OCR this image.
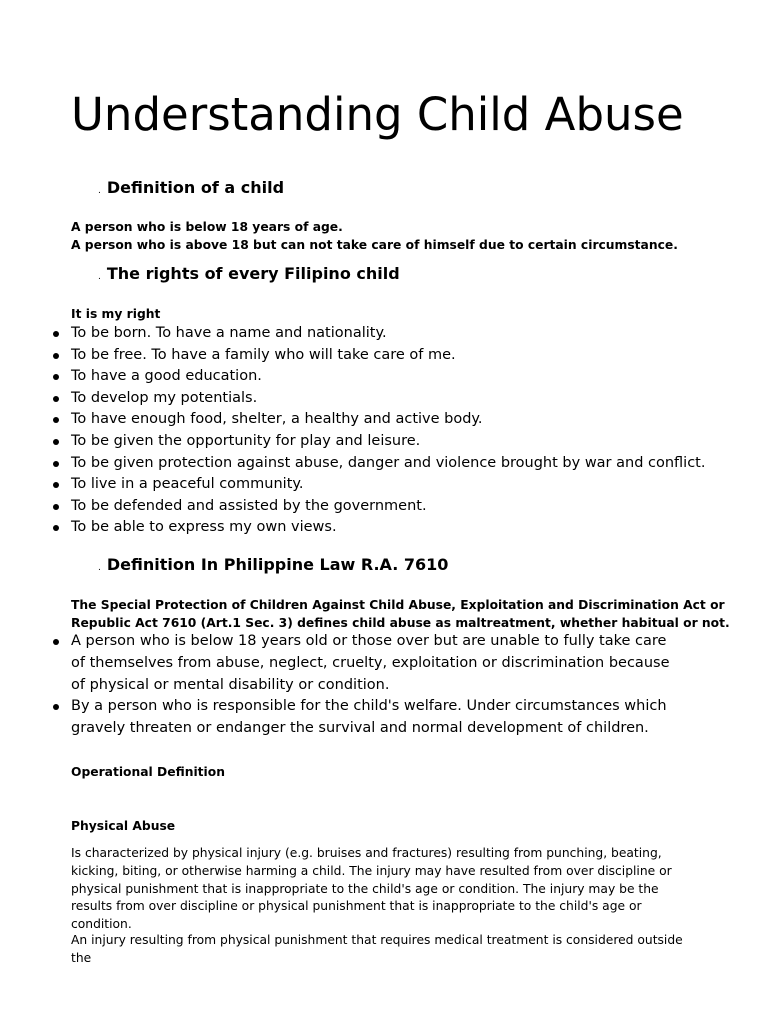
Understanding Child Abuse
. Definition of a child

A person who is below 18 years of age.

A person who is above 18 but can not take care of himself due to certain circumstance.

. The rights of every Filipino child

It is my right

To be born. To have a name and nationality.
To be free. To have a family who will take care of me.
To have a good education.
To develop my potentials.
To have enough food, shelter, a healthy and active body.
To be given the opportunity for play and leisure.
To be given protection against abuse, danger and violence brought by war and conflict.
To live in a peaceful community.
To be defended and assisted by the government.
To be able to express my own views.
. Definition In Philippine Law R.A. 7610

The Special Protection of Children Against Child Abuse, Exploitation and Discrimination Act or

Republic Act 7610 (Art.1 Sec. 3) defines child abuse as maltreatment, whether habitual or not.

A person who is below 18 years old or those over but are unable to fully take care of themselves from abuse, neglect, cruelty, exploitation or discrimination because of physical or mental disability or condition.
By a person who is responsible for the child's welfare. Under circumstances which gravely threaten or endanger the survival and normal development of children.

Operational Definition

Physical Abuse

Is characterized by physical injury (e.g. bruises and fractures) resulting from punching, beating, kicking, biting, or otherwise harming a child. The injury may have resulted from over discipline or physical punishment that is inappropriate to the child's age or condition. The injury may be the results from over discipline or physical punishment that is inappropriate to the child's age or condition.

An injury resulting from physical punishment that requires medical treatment is considered outside the
